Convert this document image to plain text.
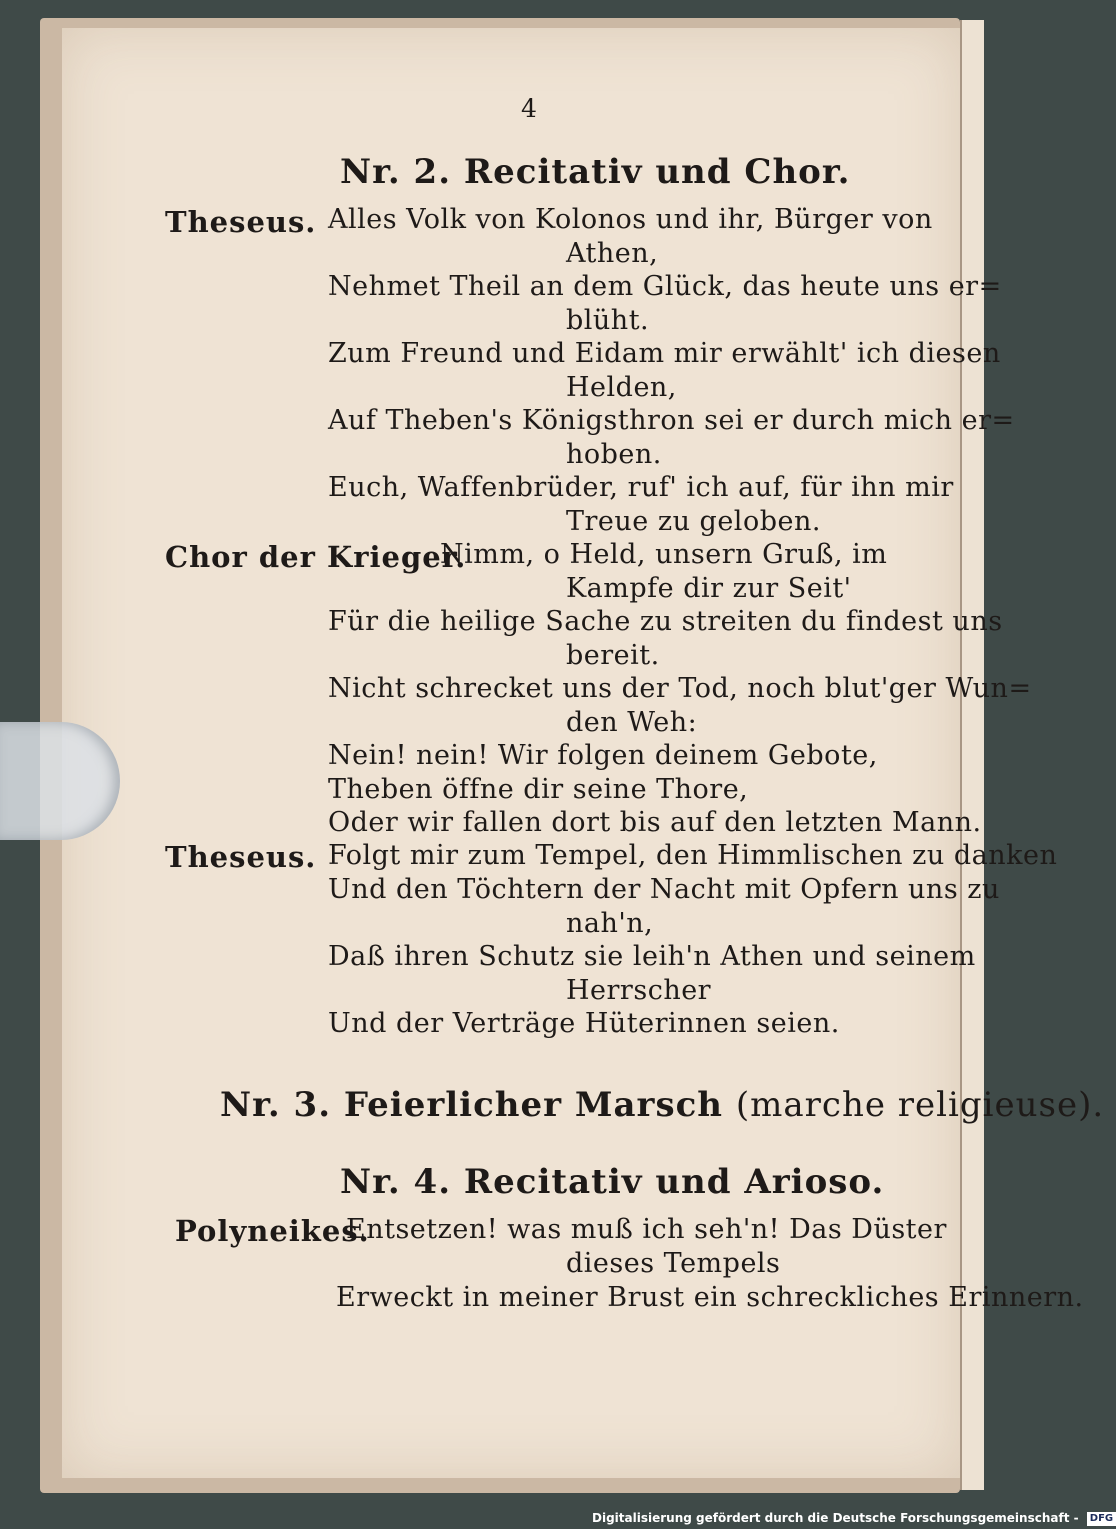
4
Nr. 2. Recitativ und Chor.
Theseus. Alles Volk von Kolonos und ihr, Bürger von
Athen,
Nehmet Theil an dem Glück, das heute uns er=
blüht.
Zum Freund und Eidam mir erwählt' ich diesen
Helden,
Auf Theben's Königsthron sei er durch mich er=
hoben.
Euch, Waffenbrüder, ruf' ich auf, für ihn mir
Treue zu geloben.
Chor der Krieger.
Nimm, o Held, unsern Gruß, im
Kampfe dir zur Seit'
Für die heilige Sache zu streiten du findest uns
bereit.
Nicht schrecket uns der Tod, noch blut'ger Wun=
den Weh:
Nein! nein! Wir folgen deinem Gebote,
Theben öffne dir seine Thore,
Oder wir fallen dort bis auf den letzten Mann.
Theseus. Folgt mir zum Tempel, den Himmlischen zu danken
Und den Töchtern der Nacht mit Opfern uns zu
nah'n,
Daß ihren Schutz sie leih'n Athen und seinem
Herrscher
Und der Verträge Hüterinnen seien.
Nr. 3. Feierlicher Marsch (marche religieuse).
Nr. 4. Recitativ und Arioso.
Polyneikes.
Entsetzen! was muß ich seh'n! Das Düster
dieses Tempels
Erweckt in meiner Brust ein schreckliches Erinnern.
Digitalisierung gefördert durch die Deutsche Forschungsgemeinschaft - DFG
